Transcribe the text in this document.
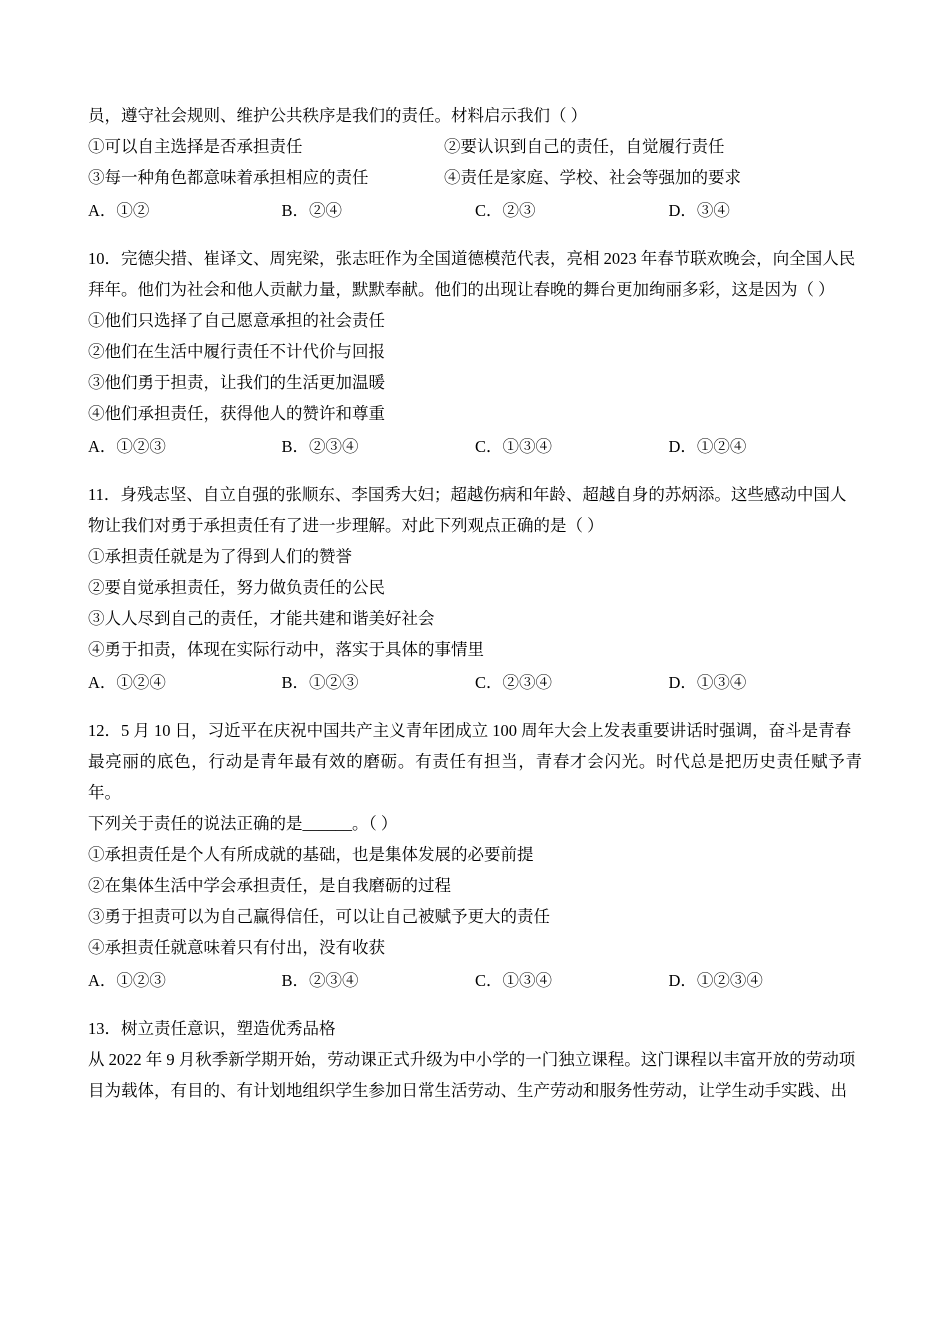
员，遵守社会规则、维护公共秩序是我们的责任。材料启示我们（ ）
①可以自主选择是否承担责任	②要认识到自己的责任，自觉履行责任
③每一种角色都意味着承担相应的责任	④责任是家庭、学校、社会等强加的要求
A．①②	B．②④	C．②③	D．③④
10．完德尖措、崔译文、周宪梁，张志旺作为全国道德模范代表，亮相 2023 年春节联欢晚会，向全国人民
拜年。他们为社会和他人贡献力量，默默奉献。他们的出现让春晚的舞台更加绚丽多彩，这是因为（ ）
①他们只选择了自己愿意承担的社会责任
②他们在生活中履行责任不计代价与回报
③他们勇于担责，让我们的生活更加温暖
④他们承担责任，获得他人的赞许和尊重
A．①②③	B．②③④	C．①③④	D．①②④
11．身残志坚、自立自强的张顺东、李国秀大妇；超越伤病和年龄、超越自身的苏炳添。这些感动中国人
物让我们对勇于承担责任有了进一步理解。对此下列观点正确的是（ ）
①承担责任就是为了得到人们的赞誉
②要自觉承担责任，努力做负责任的公民
③人人尽到自己的责任，才能共建和谐美好社会
④勇于扣责，体现在实际行动中，落实于具体的事情里
A．①②④	B．①②③	C．②③④	D．①③④
12．5 月 10 日，习近平在庆祝中国共产主义青年团成立 100 周年大会上发表重要讲话时强调，奋斗是青春
最亮丽的底色，行动是青年最有效的磨砺。有责任有担当，青春才会闪光。时代总是把历史责任赋予青年。
下列关于责任的说法正确的是______。（ ）
①承担责任是个人有所成就的基础，也是集体发展的必要前提
②在集体生活中学会承担责任，是自我磨砺的过程
③勇于担责可以为自己赢得信任，可以让自己被赋予更大的责任
④承担责任就意味着只有付出，没有收获
A．①②③	B．②③④	C．①③④	D．①②③④
13．树立责任意识，塑造优秀品格
从 2022 年 9 月秋季新学期开始，劳动课正式升级为中小学的一门独立课程。这门课程以丰富开放的劳动项
目为载体，有目的、有计划地组织学生参加日常生活劳动、生产劳动和服务性劳动，让学生动手实践、出
